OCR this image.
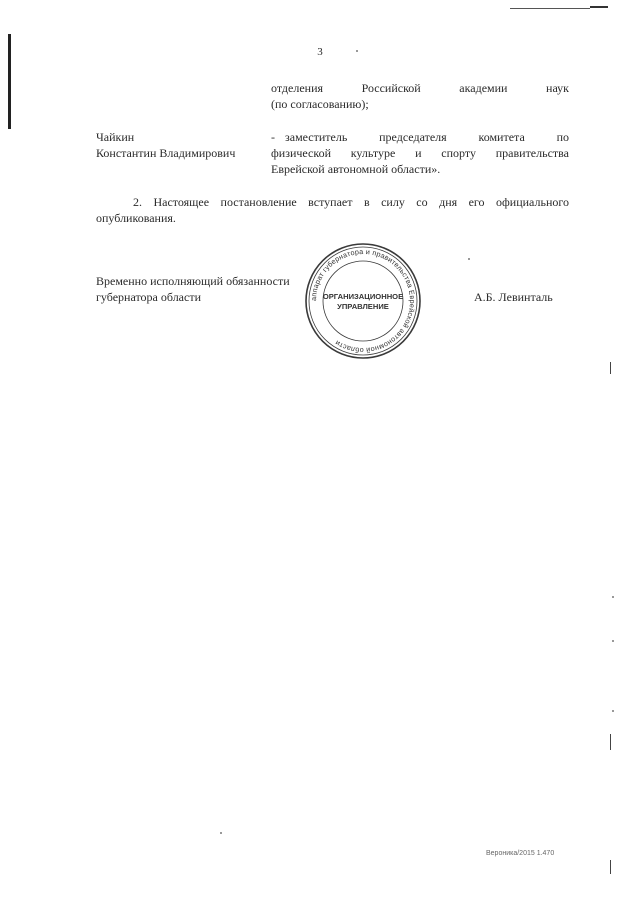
3
отделения Российской академии наук
(по согласованию);
Чайкин
Константин Владимирович
- заместитель председателя комитета по
физической культуре и спорту правительства
Еврейской автономной области».
2. Настоящее постановление вступает в силу со дня его официального
опубликования.
Временно исполняющий обязанности
губернатора области	А.Б. Левинталь
аппарат губернатора и правительства Еврейской автономной области
ОРГАНИЗАЦИОННОЕ
УПРАВЛЕНИЕ
Вероника/2015 1.470
